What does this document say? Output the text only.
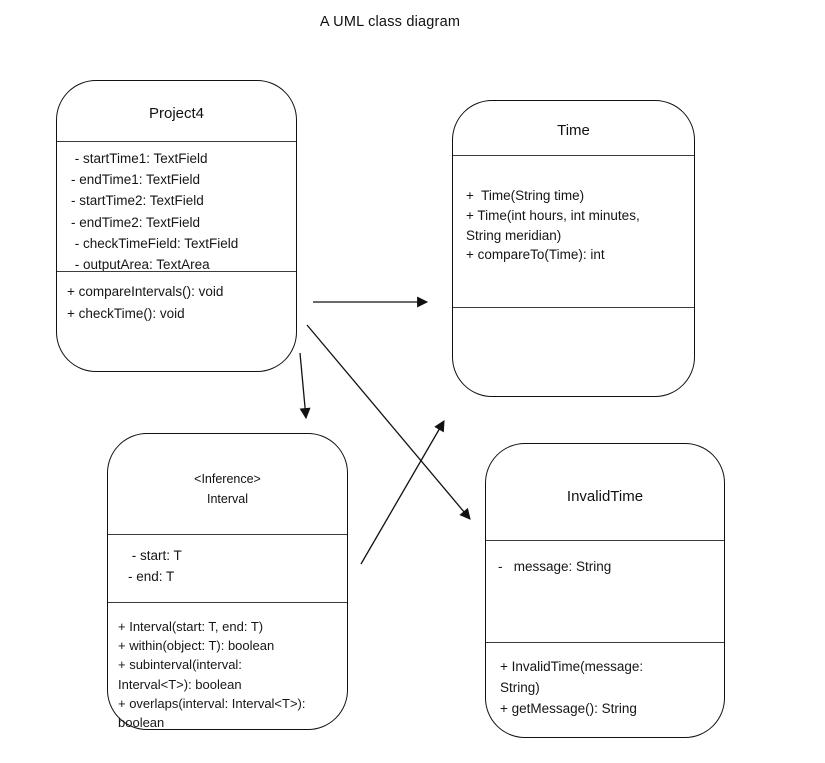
A UML class diagram
Project4
- startTime1: TextField
- endTime1: TextField
- startTime2: TextField
- endTime2: TextField
- checkTimeField: TextField
- outputArea: TextArea
+ compareIntervals(): void
+ checkTime(): void
Time
+  Time(String time)
+ Time(int hours, int minutes,
String meridian)
+ compareTo(Time): int
<Inference>
Interval
- start: T
- end: T
+ Interval(start: T, end: T)
+ within(object: T): boolean
+ subinterval(interval:
Interval<T>): boolean
+ overlaps(interval: Interval<T>):
boolean
InvalidTime
-   message: String
+ InvalidTime(message:
String)
+ getMessage(): String
